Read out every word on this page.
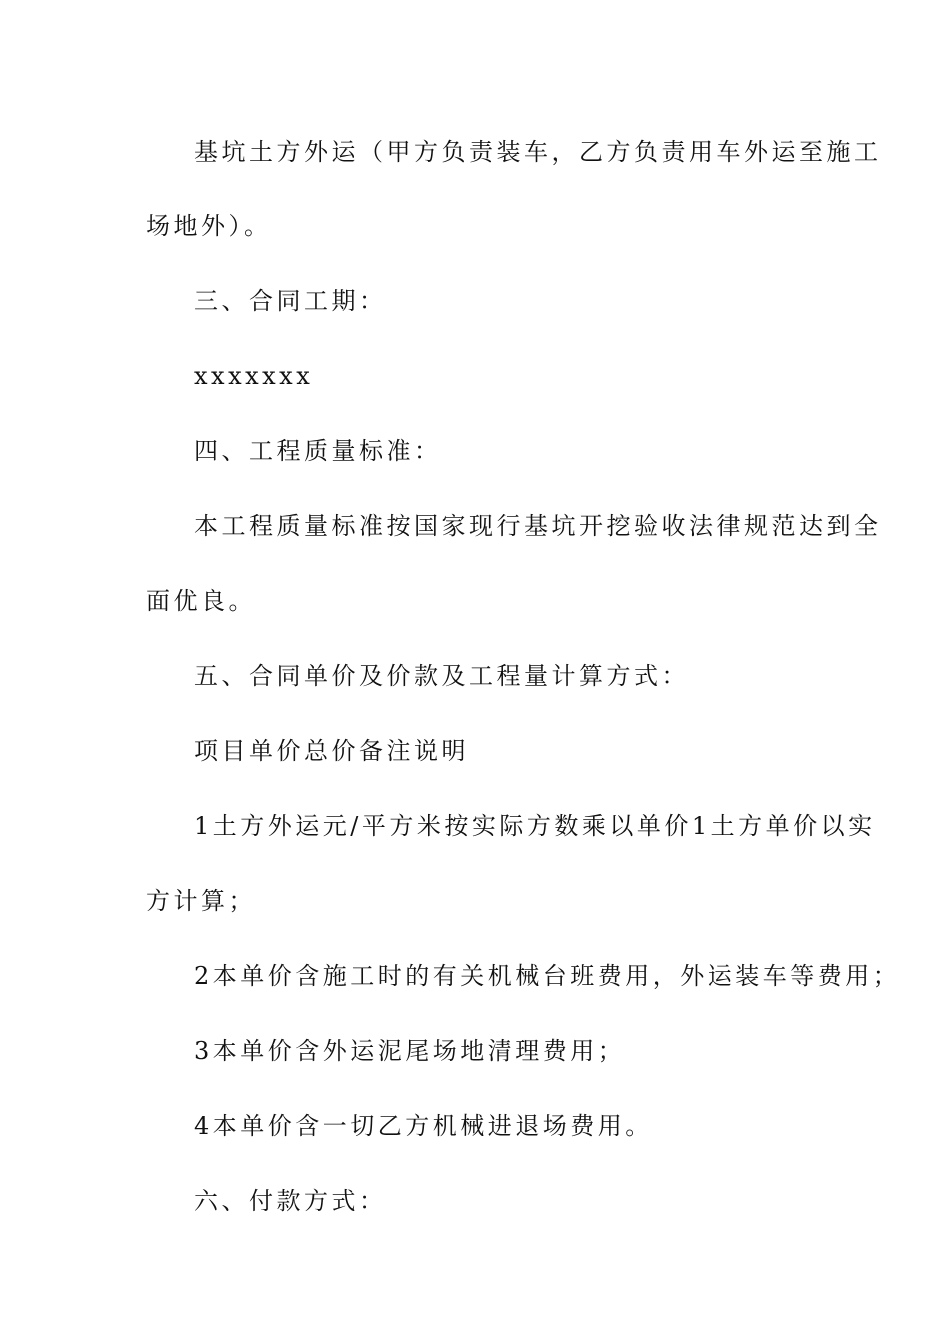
基坑土方外运（甲方负责装车，乙方负责用车外运至施工
场地外）。
三、合同工期：
xxxxxxx
四、工程质量标准：
本工程质量标准按国家现行基坑开挖验收法律规范达到全
面优良。
五、合同单价及价款及工程量计算方式：
项目单价总价备注说明
1土方外运元/平方米按实际方数乘以单价1土方单价以实
方计算；
2本单价含施工时的有关机械台班费用，外运装车等费用；
3本单价含外运泥尾场地清理费用；
4本单价含一切乙方机械进退场费用。
六、付款方式：
